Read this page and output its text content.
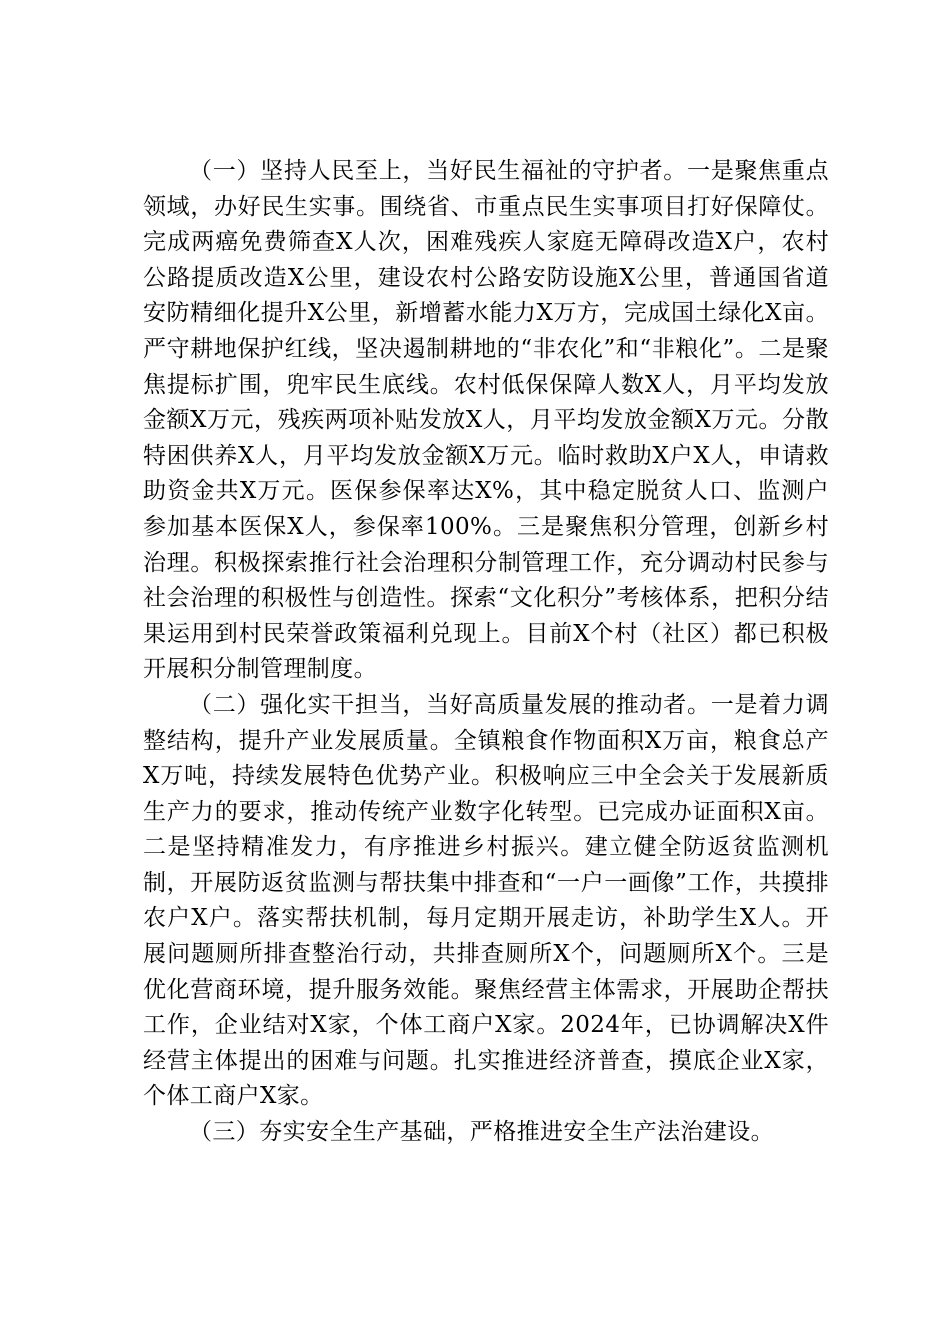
（一）坚持人民至上，当好民生福祉的守护者。一是聚焦重点领域，办好民生实事。围绕省、市重点民生实事项目打好保障仗。完成两癌免费筛查X人次，困难残疾人家庭无障碍改造X户，农村公路提质改造X公里，建设农村公路安防设施X公里，普通国省道安防精细化提升X公里，新增蓄水能力X万方，完成国土绿化X亩。严守耕地保护红线，坚决遏制耕地的“非农化”和“非粮化”。二是聚焦提标扩围，兜牢民生底线。农村低保保障人数X人，月平均发放金额X万元，残疾两项补贴发放X人，月平均发放金额X万元。分散特困供养X人，月平均发放金额X万元。临时救助X户X人，申请救助资金共X万元。医保参保率达X%，其中稳定脱贫人口、监测户参加基本医保X人，参保率100%。三是聚焦积分管理，创新乡村治理。积极探索推行社会治理积分制管理工作，充分调动村民参与社会治理的积极性与创造性。探索“文化积分”考核体系，把积分结果运用到村民荣誉政策福利兑现上。目前X个村（社区）都已积极开展积分制管理制度。

（二）强化实干担当，当好高质量发展的推动者。一是着力调整结构，提升产业发展质量。全镇粮食作物面积X万亩，粮食总产X万吨，持续发展特色优势产业。积极响应三中全会关于发展新质生产力的要求，推动传统产业数字化转型。已完成办证面积X亩。二是坚持精准发力，有序推进乡村振兴。建立健全防返贫监测机制，开展防返贫监测与帮扶集中排查和“一户一画像”工作，共摸排农户X户。落实帮扶机制，每月定期开展走访，补助学生X人。开展问题厕所排查整治行动，共排查厕所X个，问题厕所X个。三是优化营商环境，提升服务效能。聚焦经营主体需求，开展助企帮扶工作，企业结对X家，个体工商户X家。2024年，已协调解决X件经营主体提出的困难与问题。扎实推进经济普查，摸底企业X家，个体工商户X家。

（三）夯实安全生产基础，严格推进安全生产法治建设。
